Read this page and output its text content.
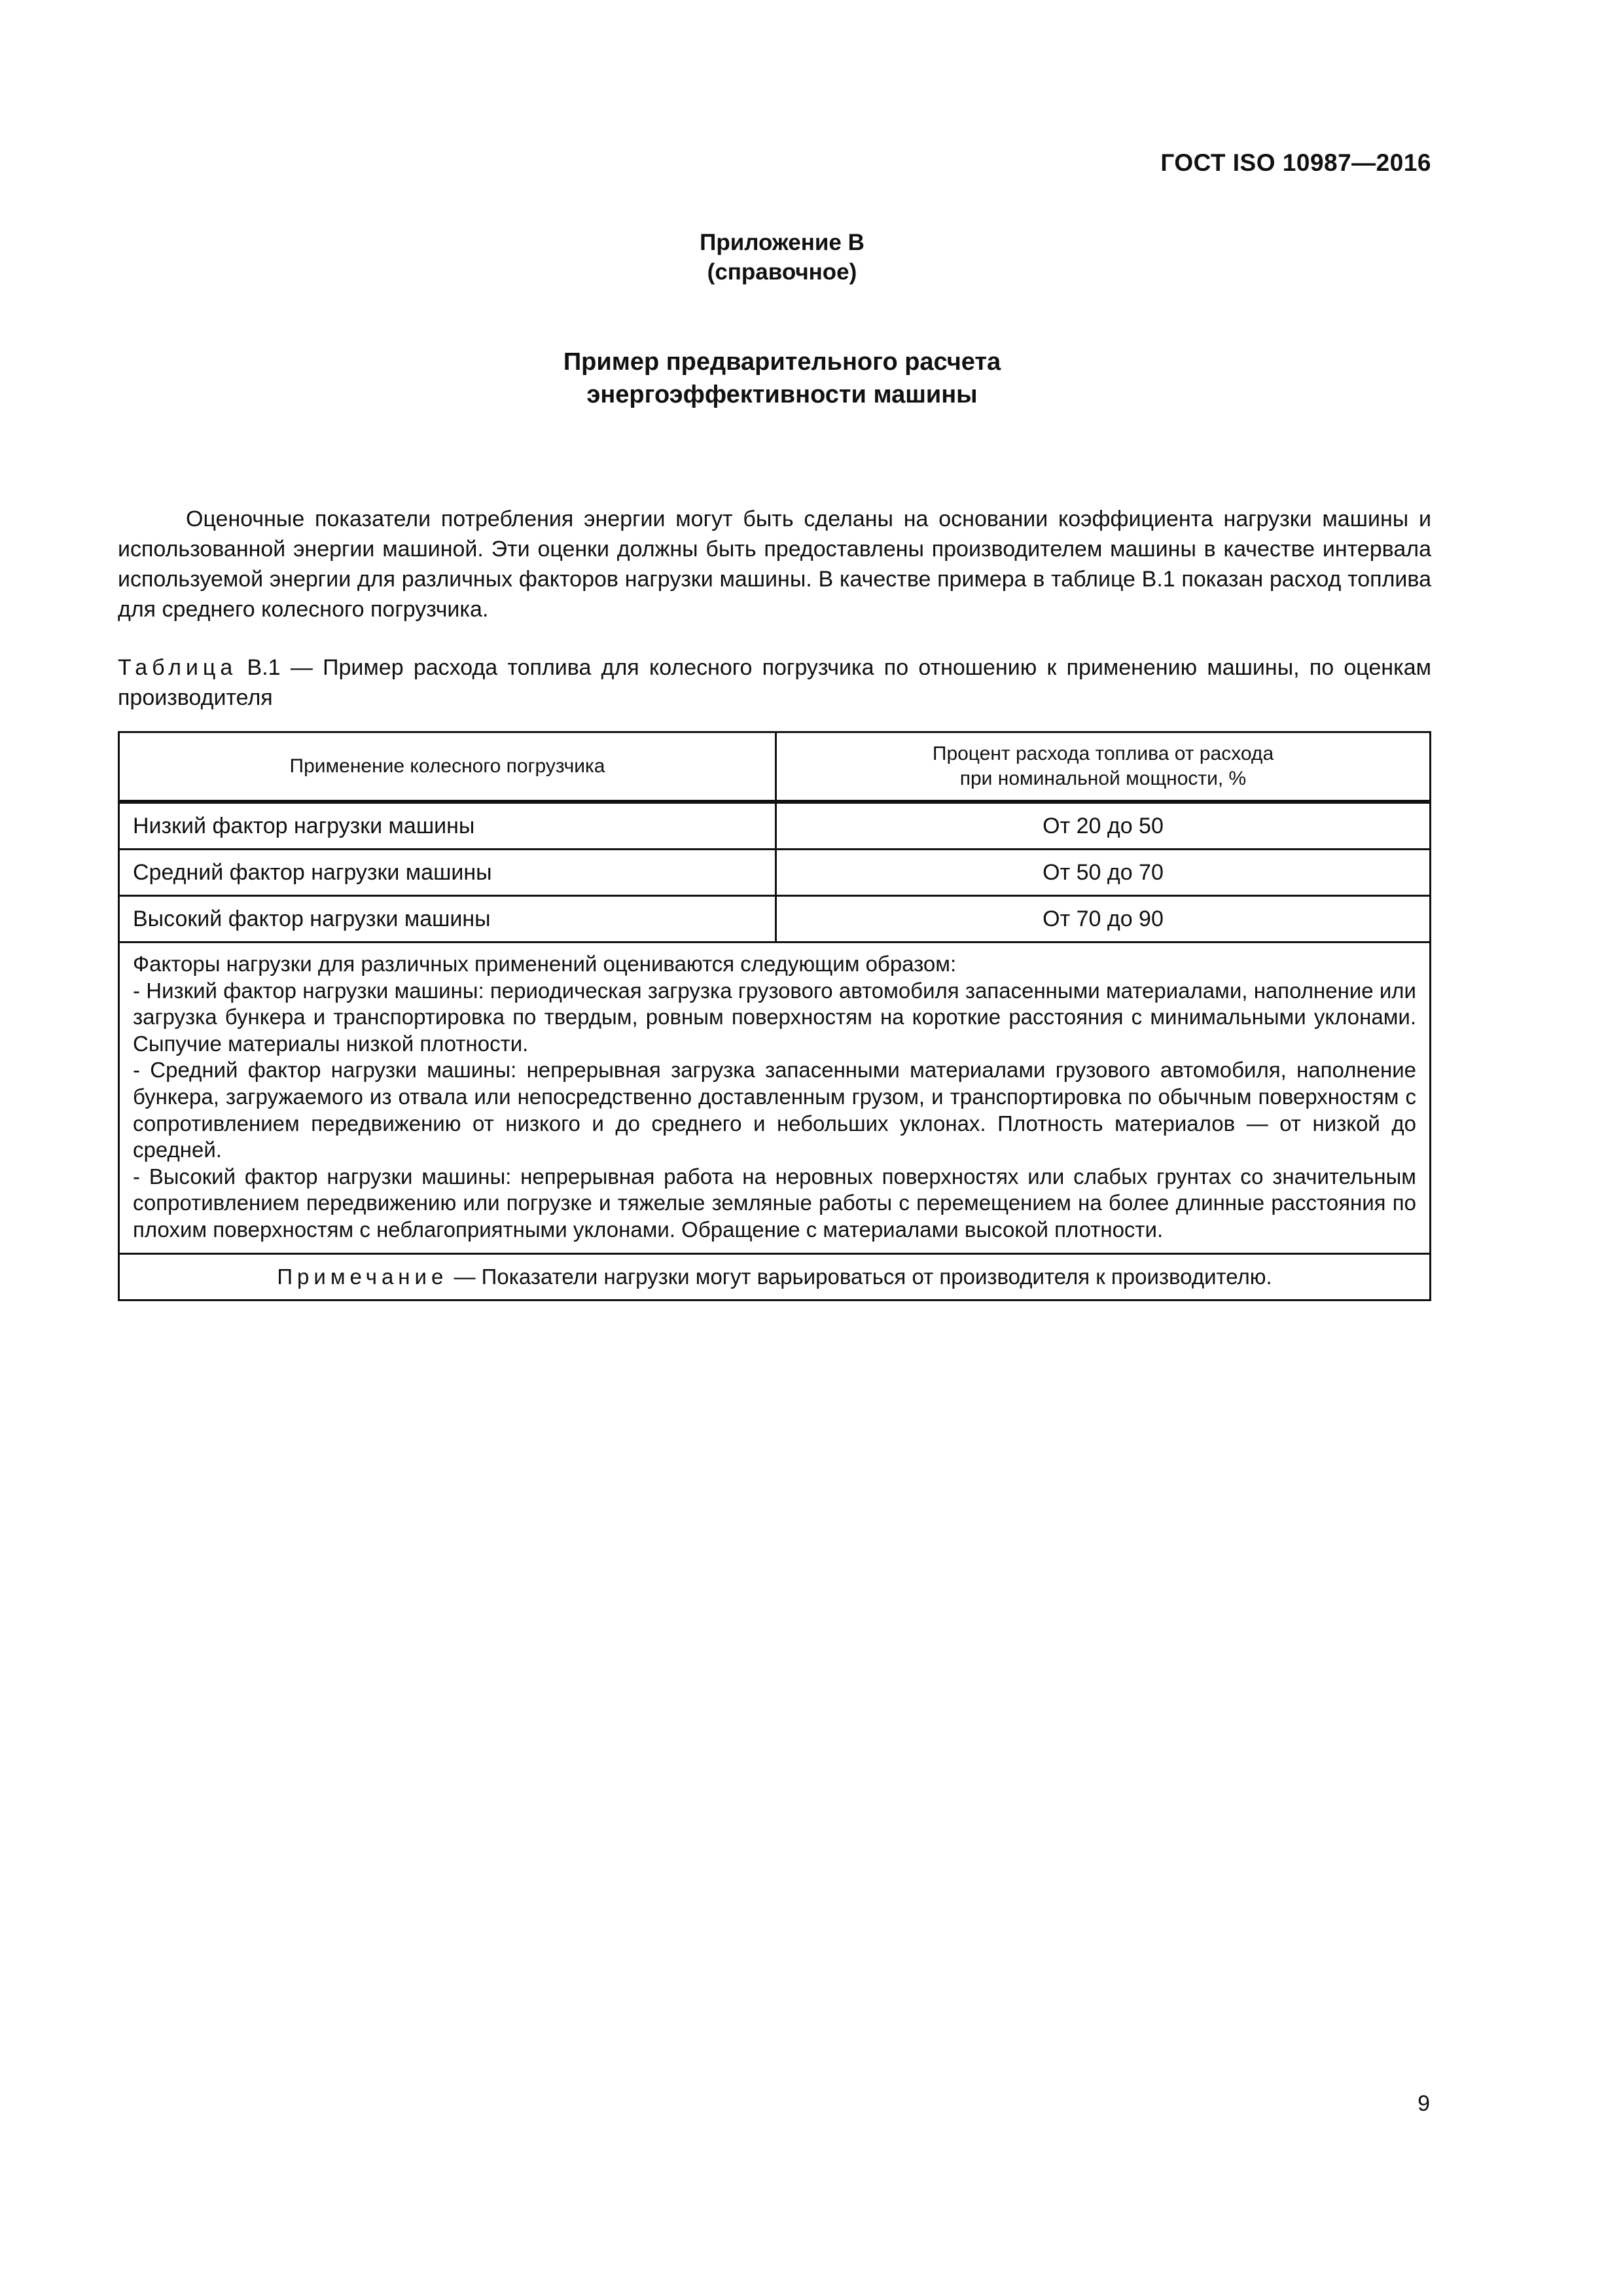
ГОСТ ISO 10987—2016
Приложение В
(справочное)
Пример предварительного расчета
энергоэффективности машины

Оценочные показатели потребления энергии могут быть сделаны на основании коэффициента нагрузки машины и использованной энергии машиной. Эти оценки должны быть предоставлены производителем машины в качестве интервала используемой энергии для различных факторов нагрузки машины. В качестве примера в таблице В.1 показан расход топлива для среднего колесного погрузчика.

Таблица В.1 — Пример расхода топлива для колесного погрузчика по отношению к применению машины, по оценкам производителя
Применение колесного погрузчика	Процент расхода топлива от расхода
при номинальной мощности, %

Низкий фактор нагрузки машины	От 20 до 50
Средний фактор нагрузки машины	От 50 до 70
Высокий фактор нагрузки машины	От 70 до 90

Факторы нагрузки для различных применений оцениваются следующим образом:
- Низкий фактор нагрузки машины: периодическая загрузка грузового автомобиля запасенными материалами, наполнение или загрузка бункера и транспортировка по твердым, ровным поверхностям на короткие расстояния с минимальными уклонами. Сыпучие материалы низкой плотности.
- Средний фактор нагрузки машины: непрерывная загрузка запасенными материалами грузового автомобиля, наполнение бункера, загружаемого из отвала или непосредственно доставленным грузом, и транспортировка по обычным поверхностям с сопротивлением передвижению от низкого и до среднего и небольших уклонах. Плотность материалов — от низкой до средней.
- Высокий фактор нагрузки машины: непрерывная работа на неровных поверхностях или слабых грунтах со значительным сопротивлением передвижению или погрузке и тяжелые земляные работы с перемещением на более длинные расстояния по плохим поверхностям с неблагоприятными уклонами. Обращение с материалами высокой плотности.	

Примечание — Показатели нагрузки могут варьироваться от производителя к производителю.	
9
